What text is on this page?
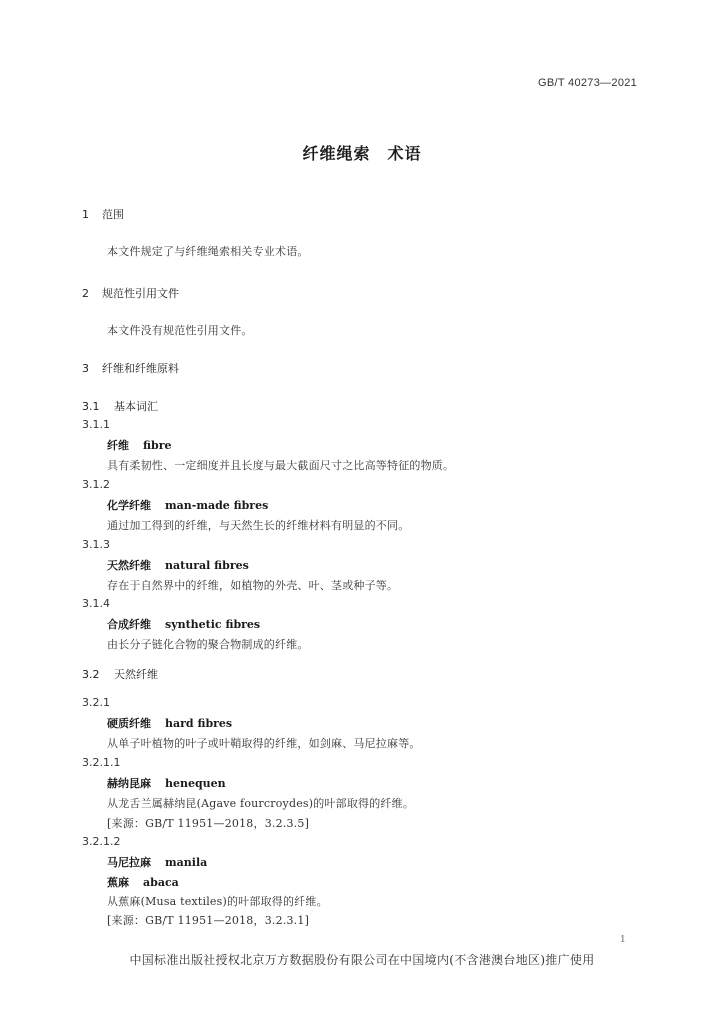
GB/T 40273—2021
纤维绳索　术语
1 范围
本文件规定了与纤维绳索相关专业术语。
2 规范性引用文件
本文件没有规范性引用文件。
3 纤维和纤维原料
3.1 基本词汇
3.1.1
纤维 fibre
具有柔韧性、一定细度并且长度与最大截面尺寸之比高等特征的物质。
3.1.2
化学纤维 man-made fibres
通过加工得到的纤维，与天然生长的纤维材料有明显的不同。
3.1.3
天然纤维 natural fibres
存在于自然界中的纤维，如植物的外壳、叶、茎或种子等。
3.1.4
合成纤维 synthetic fibres
由长分子链化合物的聚合物制成的纤维。
3.2 天然纤维
3.2.1
硬质纤维 hard fibres
从单子叶植物的叶子或叶鞘取得的纤维，如剑麻、马尼拉麻等。
3.2.1.1
赫纳昆麻 henequen
从龙舌兰属赫纳昆(Agave fourcroydes)的叶部取得的纤维。
[来源：GB/T 11951—2018，3.2.3.5]
3.2.1.2
马尼拉麻 manila
蕉麻 abaca
从蕉麻(Musa textiles)的叶部取得的纤维。
[来源：GB/T 11951—2018，3.2.3.1]
1
中国标准出版社授权北京万方数据股份有限公司在中国境内(不含港澳台地区)推广使用
